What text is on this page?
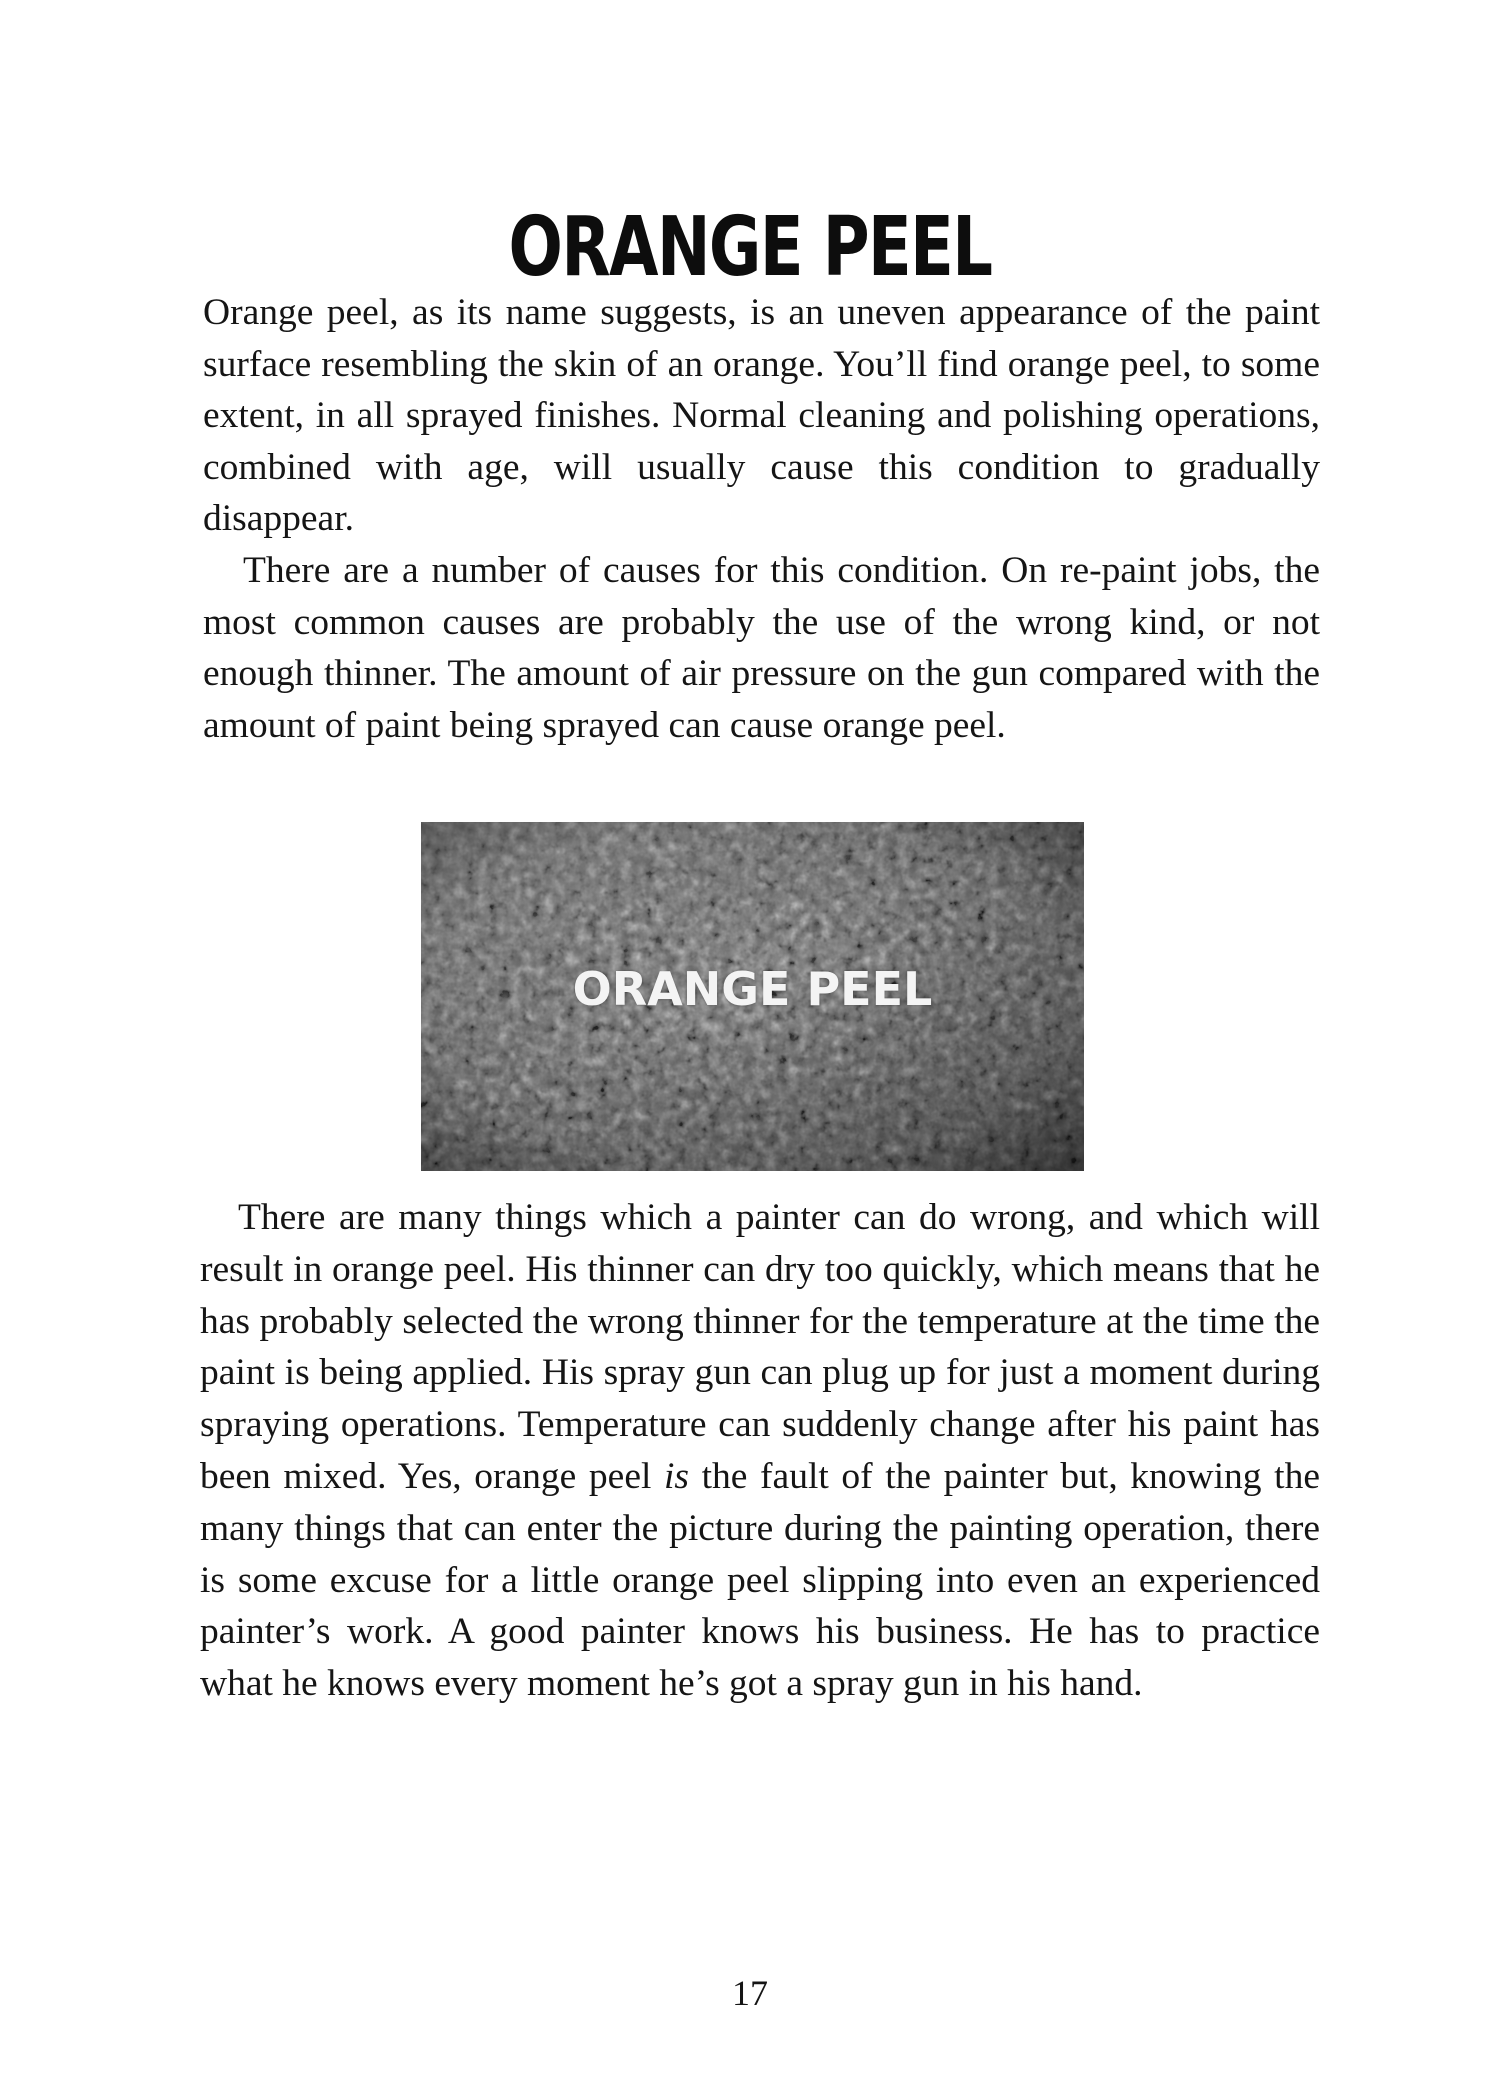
ORANGE PEEL

Orange peel, as its name suggests, is an uneven appearance of the paint surface resembling the skin of an orange. You’ll find orange peel, to some extent, in all sprayed finishes. Normal cleaning and polishing operations, combined with age, will usually cause this condition to gradually disappear.

There are a number of causes for this condition. On re-paint jobs, the most common causes are probably the use of the wrong kind, or not enough thinner. The amount of air pressure on the gun compared with the amount of paint being sprayed can cause orange peel.

ORANGE PEEL

There are many things which a painter can do wrong, and which will result in orange peel. His thinner can dry too quickly, which means that he has probably selected the wrong thinner for the temperature at the time the paint is being applied. His spray gun can plug up for just a moment during spraying operations. Temperature can suddenly change after his paint has been mixed. Yes, orange peel is the fault of the painter but, knowing the many things that can enter the picture during the painting operation, there is some excuse for a little orange peel slipping into even an experienced painter’s work. A good painter knows his business. He has to practice what he knows every moment he’s got a spray gun in his hand.

17
